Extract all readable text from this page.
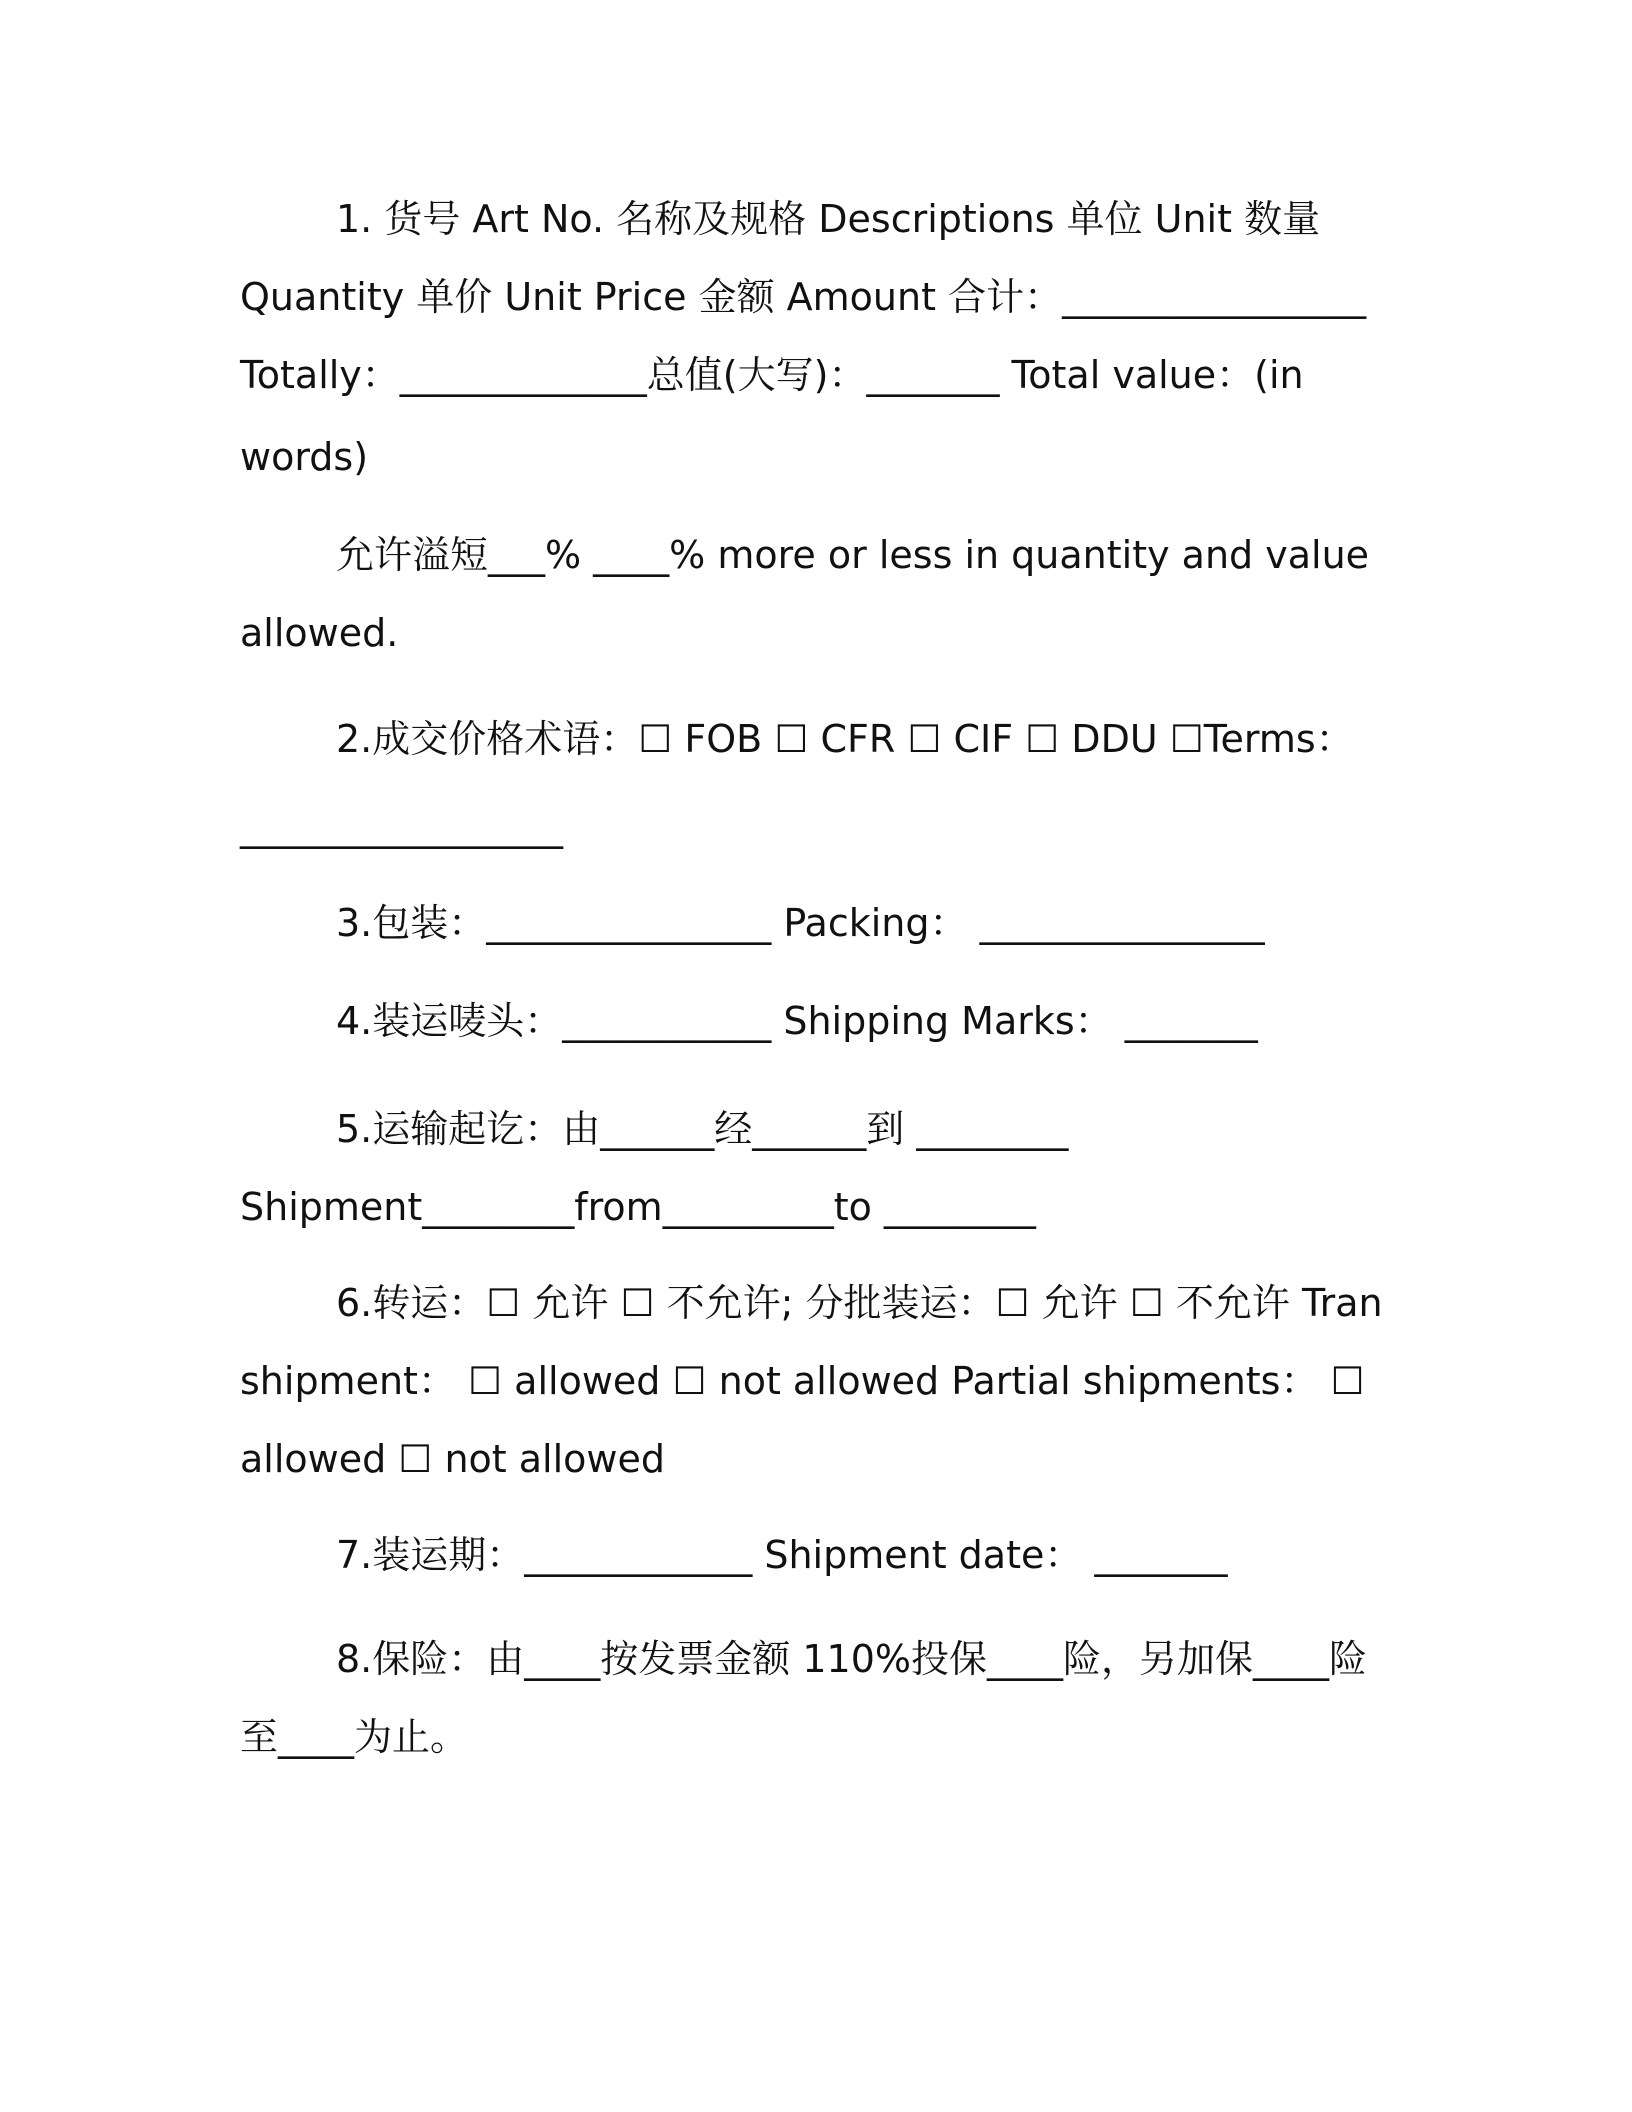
1. 货号 Art No. 名称及规格 Descriptions 单位 Unit 数量
Quantity 单价 Unit Price 金额 Amount 合计：________________
Totally：_____________总值(大写)：_______ Total value：(in
words)
允许溢短___% ____% more or less in quantity and value
allowed.
2.成交价格术语：☐ FOB ☐ CFR ☐ CIF ☐ DDU ☐Terms：
_________________
3.包装：_______________ Packing： _______________
4.装运唛头：___________ Shipping Marks： _______
5.运输起讫：由______经______到 ________
Shipment________from_________to ________
6.转运：☐ 允许 ☐ 不允许; 分批装运：☐ 允许 ☐ 不允许 Tran
shipment： ☐ allowed ☐ not allowed Partial shipments： ☐
allowed ☐ not allowed
7.装运期：____________ Shipment date： _______
8.保险：由____按发票金额 110%投保____险，另加保____险
至____为止。
